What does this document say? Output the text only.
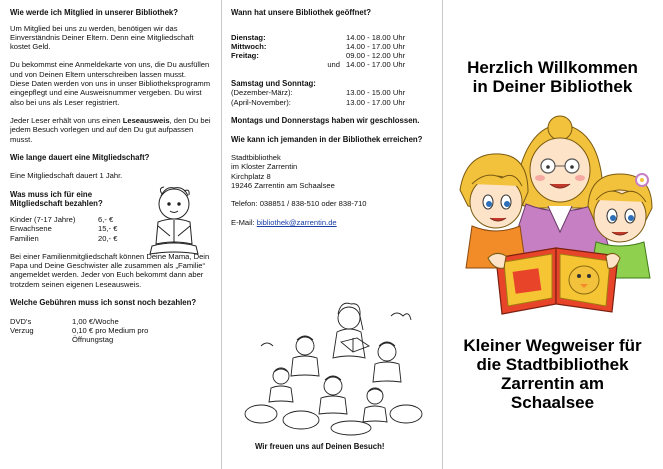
Wie werde ich Mitglied in unserer Bibliothek?

Um Mitglied bei uns zu werden, benötigen wir das Einverständnis Deiner Eltern. Denn eine Mitgliedschaft kostet Geld.

Du bekommst eine Anmeldekarte von uns, die Du ausfüllen und von Deinen Eltern unterschreiben lassen musst.

Diese Daten werden von uns in unser Bibliotheksprogramm eingepflegt und eine Ausweisnummer vergeben. Du wirst also bei uns als Leser registriert.

Jeder Leser erhält von uns einen Leseausweis, den Du bei jedem Besuch vorlegen und auf den Du gut aufpassen musst.

Wie lange dauert eine Mitgliedschaft?

Eine Mitgliedschaft dauert 1 Jahr.

Was muss ich für eine Mitgliedschaft bezahlen?
Kinder (7-17 Jahre)	6,- €
Erwachsene	15,- €
Familien	20,- €

Bei einer Familienmitgliedschaft können Deine Mama, Dein Papa und Deine Geschwister alle zusammen als „Familie“ angemeldet werden. Jeder von Euch bekommt dann aber trotzdem seinen eigenen Leseausweis.

Welche Gebühren muss ich sonst noch bezahlen?
DVD's	1,00 €/Woche
Verzug	0,10 € pro Medium pro Öffnungstag
Wann hat unsere Bibliothek geöffnet?
Dienstag:		14.00 - 18.00 Uhr
Mittwoch:		14.00 - 17.00 Uhr
Freitag:		09.00 - 12.00 Uhr
	und	14.00 - 17.00 Uhr
Samstag und Sonntag:
(Dezember-März):	13.00 - 15.00 Uhr
(April-November):	13.00 - 17.00 Uhr
Montags und Donnerstags haben wir geschlossen.
Wie kann ich jemanden in der Bibliothek erreichen?

Stadtbibliothek

im Kloster Zarrentin

Kirchplatz 8

19246 Zarrentin am Schaalsee

Telefon: 038851 / 838-510 oder 838-710

E-Mail: bibliothek@zarrentin.de

Wir freuen uns auf Deinen Besuch!
Herzlich Willkommen
in Deiner Bibliothek
Kleiner Wegweiser für
die Stadtbibliothek
Zarrentin am
Schaalsee
